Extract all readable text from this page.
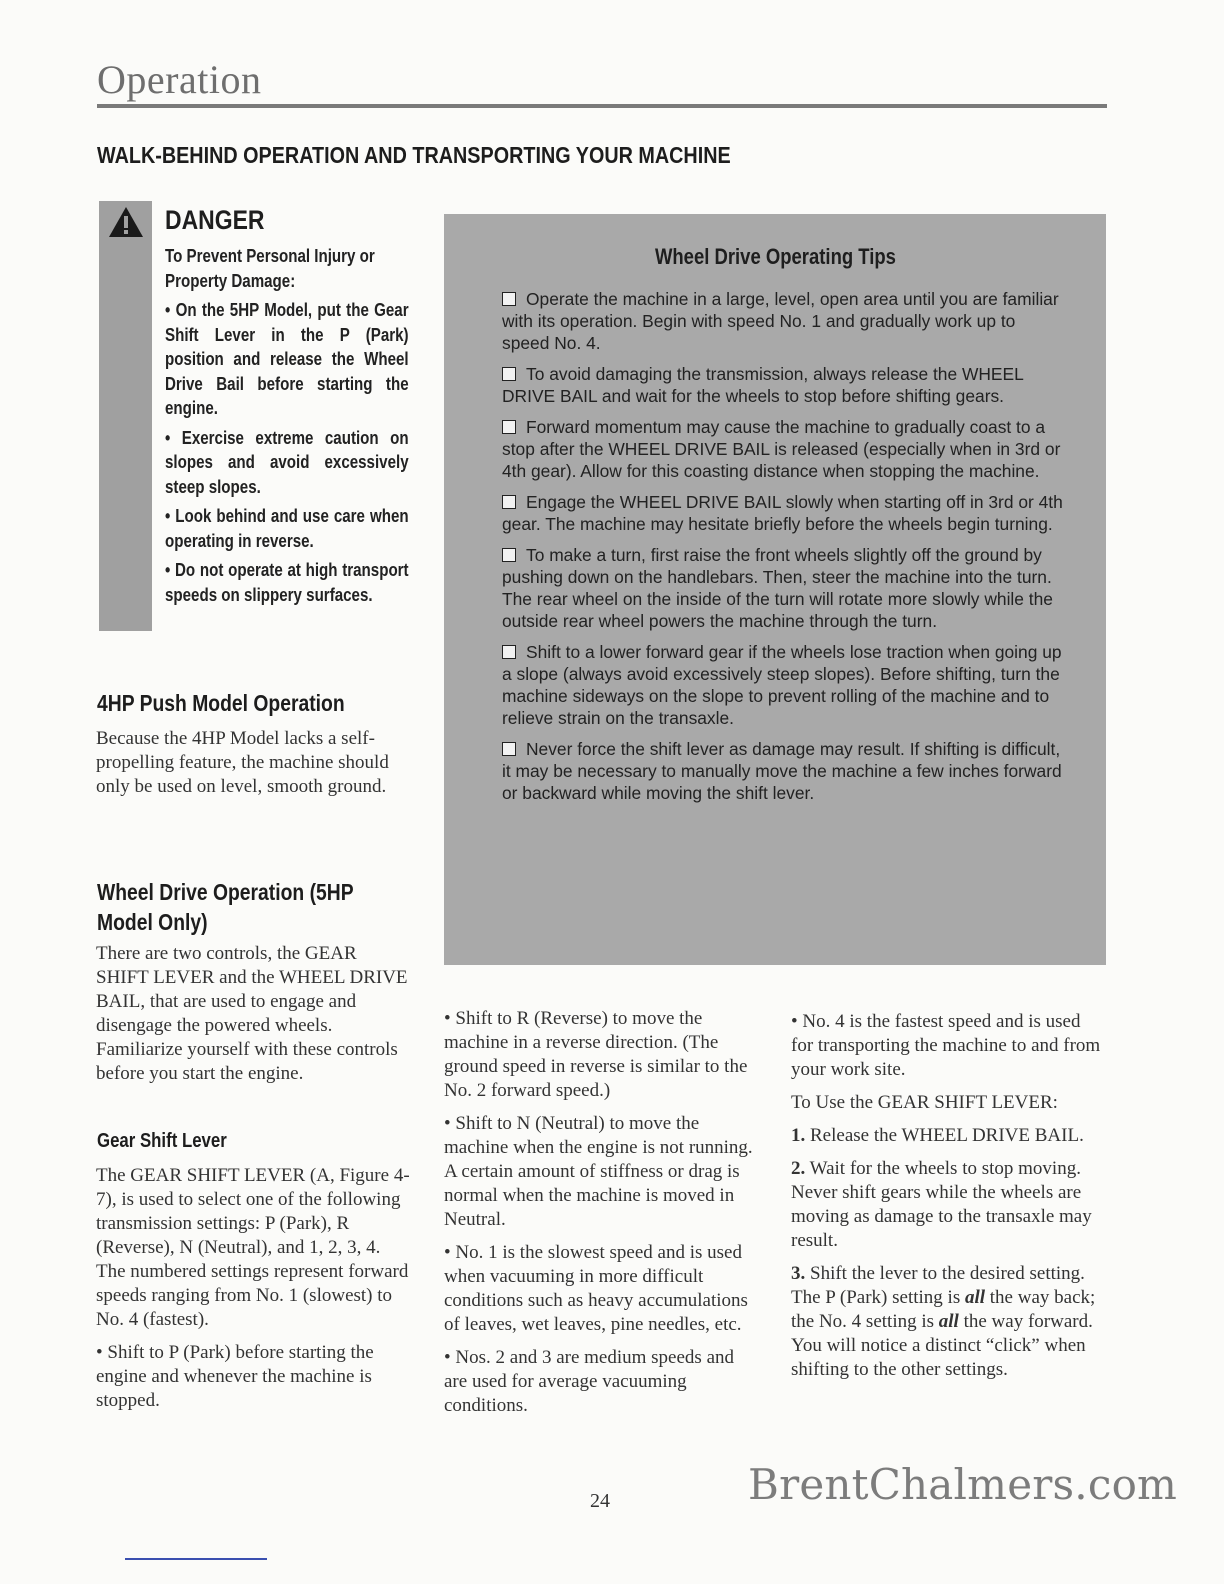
Operation
WALK-BEHIND OPERATION AND TRANSPORTING YOUR MACHINE
DANGER

To Prevent Personal Injury or Property Damage:

• On the 5HP Model, put the Gear Shift Lever in the P (Park) position and release the Wheel Drive Bail before starting the engine.

• Exercise extreme caution on slopes and avoid excessively steep slopes.

• Look behind and use care when operating in reverse.

• Do not operate at high transport speeds on slippery surfaces.

4HP Push Model Operation

Because the 4HP Model lacks a self-propelling feature, the machine should only be used on level, smooth ground.

Wheel Drive Operation (5HP Model Only)

There are two controls, the GEAR SHIFT LEVER and the WHEEL DRIVE BAIL, that are used to engage and disengage the powered wheels. Familiarize yourself with these controls before you start the engine.

Gear Shift Lever

The GEAR SHIFT LEVER (A, Figure 4-7), is used to select one of the following transmission settings: P (Park), R (Reverse), N (Neutral), and 1, 2, 3, 4. The numbered settings represent forward speeds ranging from No. 1 (slowest) to No. 4 (fastest).

• Shift to P (Park) before starting the engine and whenever the machine is stopped.

Wheel Drive Operating Tips
Operate the machine in a large, level, open area until you are familiar with its operation. Begin with speed No. 1 and gradually work up to speed No. 4.
To avoid damaging the transmission, always release the WHEEL DRIVE BAIL and wait for the wheels to stop before shifting gears.
Forward momentum may cause the machine to gradually coast to a stop after the WHEEL DRIVE BAIL is released (especially when in 3rd or 4th gear). Allow for this coasting distance when stopping the machine.
Engage the WHEEL DRIVE BAIL slowly when starting off in 3rd or 4th gear. The machine may hesitate briefly before the wheels begin turning.
To make a turn, first raise the front wheels slightly off the ground by pushing down on the handlebars. Then, steer the machine into the turn. The rear wheel on the inside of the turn will rotate more slowly while the outside rear wheel powers the machine through the turn.
Shift to a lower forward gear if the wheels lose traction when going up a slope (always avoid excessively steep slopes). Before shifting, turn the machine sideways on the slope to prevent rolling of the machine and to relieve strain on the transaxle.
Never force the shift lever as damage may result. If shifting is difficult, it may be necessary to manually move the machine a few inches forward or backward while moving the shift lever.

• Shift to R (Reverse) to move the machine in a reverse direction. (The ground speed in reverse is similar to the No. 2 forward speed.)

• Shift to N (Neutral) to move the machine when the engine is not running. A certain amount of stiffness or drag is normal when the machine is moved in Neutral.

• No. 1 is the slowest speed and is used when vacuuming in more difficult conditions such as heavy accumulations of leaves, wet leaves, pine needles, etc.

• Nos. 2 and 3 are medium speeds and are used for average vacuuming conditions.

• No. 4 is the fastest speed and is used for transporting the machine to and from your work site.

To Use the GEAR SHIFT LEVER:

1. Release the WHEEL DRIVE BAIL.

2. Wait for the wheels to stop moving. Never shift gears while the wheels are moving as damage to the transaxle may result.

3. Shift the lever to the desired setting. The P (Park) setting is all the way back; the No. 4 setting is all the way forward. You will notice a distinct “click” when shifting to the other settings.

24	BrentChalmers.com
